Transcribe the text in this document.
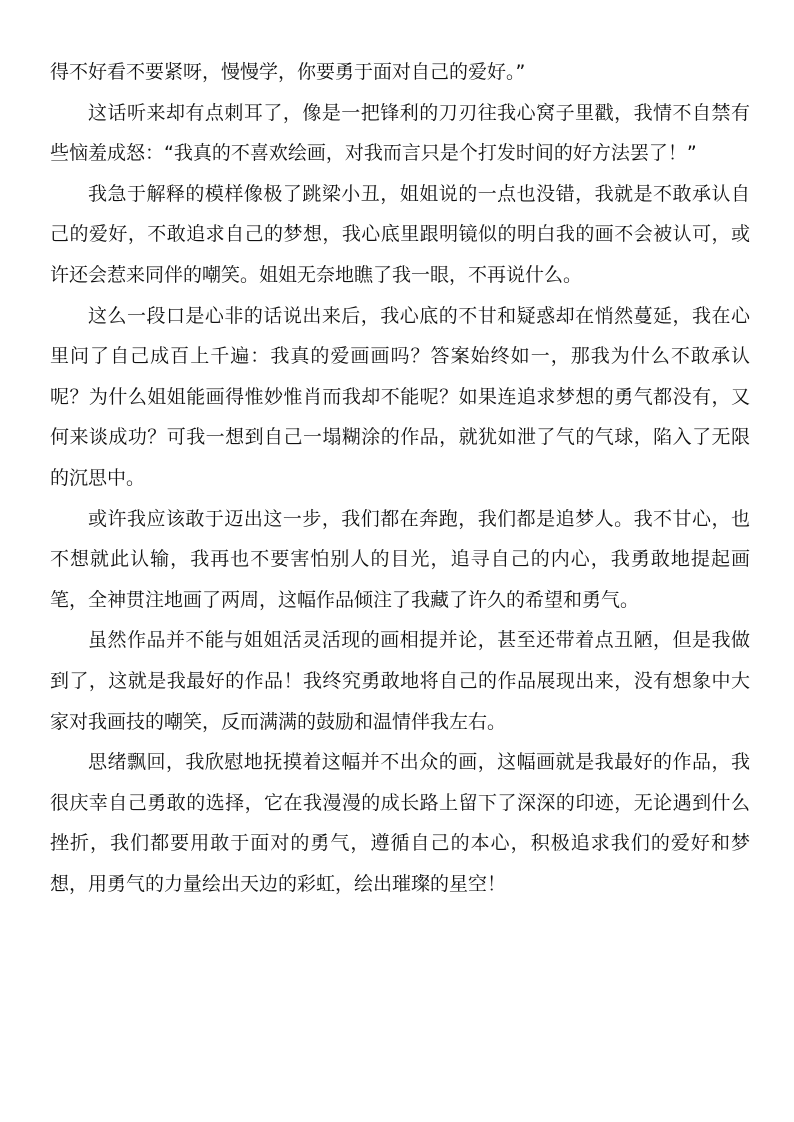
得不好看不要紧呀，慢慢学，你要勇于面对自己的爱好。”

这话听来却有点刺耳了，像是一把锋利的刀刃往我心窝子里戳，我情不自禁有些恼羞成怒：“我真的不喜欢绘画，对我而言只是个打发时间的好方法罢了！”

我急于解释的模样像极了跳梁小丑，姐姐说的一点也没错，我就是不敢承认自己的爱好，不敢追求自己的梦想，我心底里跟明镜似的明白我的画不会被认可，或许还会惹来同伴的嘲笑。姐姐无奈地瞧了我一眼，不再说什么。

这么一段口是心非的话说出来后，我心底的不甘和疑惑却在悄然蔓延，我在心里问了自己成百上千遍：我真的爱画画吗？答案始终如一，那我为什么不敢承认呢？为什么姐姐能画得惟妙惟肖而我却不能呢？如果连追求梦想的勇气都没有，又何来谈成功？可我一想到自己一塌糊涂的作品，就犹如泄了气的气球，陷入了无限的沉思中。

或许我应该敢于迈出这一步，我们都在奔跑，我们都是追梦人。我不甘心，也不想就此认输，我再也不要害怕别人的目光，追寻自己的内心，我勇敢地提起画笔，全神贯注地画了两周，这幅作品倾注了我藏了许久的希望和勇气。

虽然作品并不能与姐姐活灵活现的画相提并论，甚至还带着点丑陋，但是我做到了，这就是我最好的作品！我终究勇敢地将自己的作品展现出来，没有想象中大家对我画技的嘲笑，反而满满的鼓励和温情伴我左右。

思绪飘回，我欣慰地抚摸着这幅并不出众的画，这幅画就是我最好的作品，我很庆幸自己勇敢的选择，它在我漫漫的成长路上留下了深深的印迹，无论遇到什么挫折，我们都要用敢于面对的勇气，遵循自己的本心，积极追求我们的爱好和梦想，用勇气的力量绘出天边的彩虹，绘出璀璨的星空！
